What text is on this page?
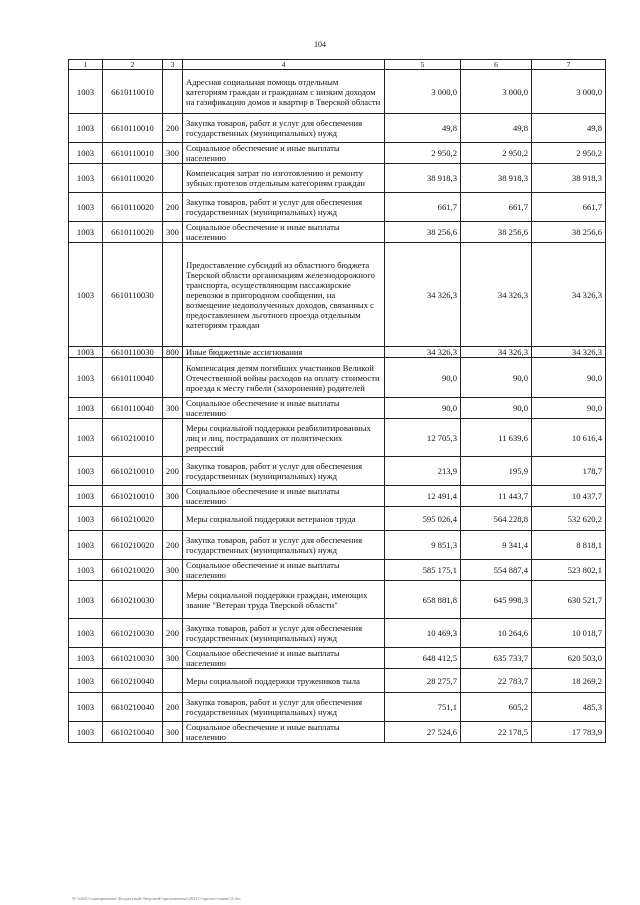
104
1	2	3	4	5	6	7
1003	6610110010		Адресная социальная помощь отдельным категориям граждан и гражданам с низким доходом на газификацию домов и квартир в Тверской области	3 000,0	3 000,0	3 000,0
1003	6610110010	200	Закупка товаров, работ и услуг для обеспечения государственных (муниципальных) нужд	49,8	49,8	49,8
1003	6610110010	300	Социальное обеспечение и иные выплаты населению	2 950,2	2 950,2	2 950,2
1003	6610110020		Компенсация затрат по изготовлению и ремонту зубных протезов отдельным категориям граждан	38 918,3	38 918,3	38 918,3
1003	6610110020	200	Закупка товаров, работ и услуг для обеспечения государственных (муниципальных) нужд	661,7	661,7	661,7
1003	6610110020	300	Социальное обеспечение и иные выплаты населению	38 256,6	38 256,6	38 256,6
1003	6610110030		Предоставление субсидий из областного бюджета Тверской области организациям железнодорожного транспорта, осуществляющим пассажирские перевозки в пригородном сообщении, на возмещение недополученных доходов, связанных с предоставлением льготного проезда отдельным категориям граждан	34 326,3	34 326,3	34 326,3
1003	6610110030	800	Иные бюджетные ассигнования	34 326,3	34 326,3	34 326,3
1003	6610110040		Компенсация детям погибших участников Великой Отечественной войны расходов на оплату стоимости проезда к месту гибели (захоронения) родителей	90,0	90,0	90,0
1003	6610110040	300	Социальное обеспечение и иные выплаты населению	90,0	90,0	90,0
1003	6610210010		Меры социальной поддержки реабилитированных лиц и лиц, пострадавших от политических репрессий	12 705,3	11 639,6	10 616,4
1003	6610210010	200	Закупка товаров, работ и услуг для обеспечения государственных (муниципальных) нужд	213,9	195,9	178,7
1003	6610210010	300	Социальное обеспечение и иные выплаты населению	12 491,4	11 443,7	10 437,7
1003	6610210020		Меры социальной поддержки ветеранов труда	595 026,4	564 228,8	532 620,2
1003	6610210020	200	Закупка товаров, работ и услуг для обеспечения государственных (муниципальных) нужд	9 851,3	9 341,4	8 818,1
1003	6610210020	300	Социальное обеспечение и иные выплаты населению	585 175,1	554 887,4	523 802,1
1003	6610210030		Меры социальной поддержки граждан, имеющих звание "Ветеран труда Тверской области"	658 881,8	645 998,3	630 521,7
1003	6610210030	200	Закупка товаров, работ и услуг для обеспечения государственных (муниципальных) нужд	10 469,3	10 264,6	10 018,7
1003	6610210030	300	Социальное обеспечение и иные выплаты населению	648 412,5	635 733,7	620 503,0
1003	6610210040		Меры социальной поддержки тружеников тыла	28 275,7	22 783,7	18 269,2
1003	6610210040	200	Закупка товаров, работ и услуг для обеспечения государственных (муниципальных) нужд	751,1	605,2	485,3
1003	6610210040	300	Социальное обеспечение и иные выплаты населению	27 524,6	22 178,5	17 783,9
N:\\v001\\сшипрование\\Бюджетный Тверской\\приложения\\2021\\\\проект\\закон\\3.doc
